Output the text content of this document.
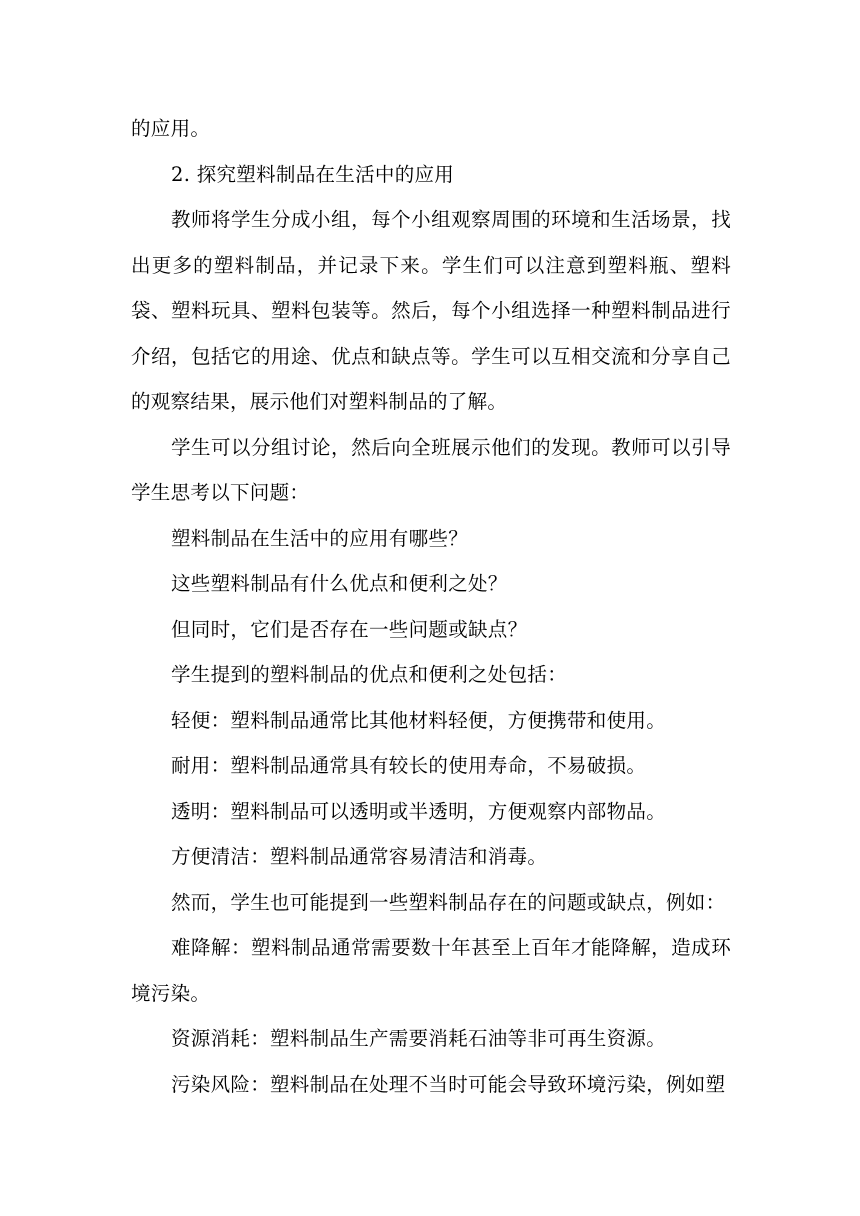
的应用。

2. 探究塑料制品在生活中的应用

教师将学生分成小组，每个小组观察周围的环境和生活场景，找出更多的塑料制品，并记录下来。学生们可以注意到塑料瓶、塑料袋、塑料玩具、塑料包装等。然后，每个小组选择一种塑料制品进行介绍，包括它的用途、优点和缺点等。学生可以互相交流和分享自己的观察结果，展示他们对塑料制品的了解。

学生可以分组讨论，然后向全班展示他们的发现。教师可以引导学生思考以下问题：

塑料制品在生活中的应用有哪些？

这些塑料制品有什么优点和便利之处？

但同时，它们是否存在一些问题或缺点？

学生提到的塑料制品的优点和便利之处包括：

轻便：塑料制品通常比其他材料轻便，方便携带和使用。

耐用：塑料制品通常具有较长的使用寿命，不易破损。

透明：塑料制品可以透明或半透明，方便观察内部物品。

方便清洁：塑料制品通常容易清洁和消毒。

然而，学生也可能提到一些塑料制品存在的问题或缺点，例如：

难降解：塑料制品通常需要数十年甚至上百年才能降解，造成环境污染。

资源消耗：塑料制品生产需要消耗石油等非可再生资源。

污染风险：塑料制品在处理不当时可能会导致环境污染，例如塑
